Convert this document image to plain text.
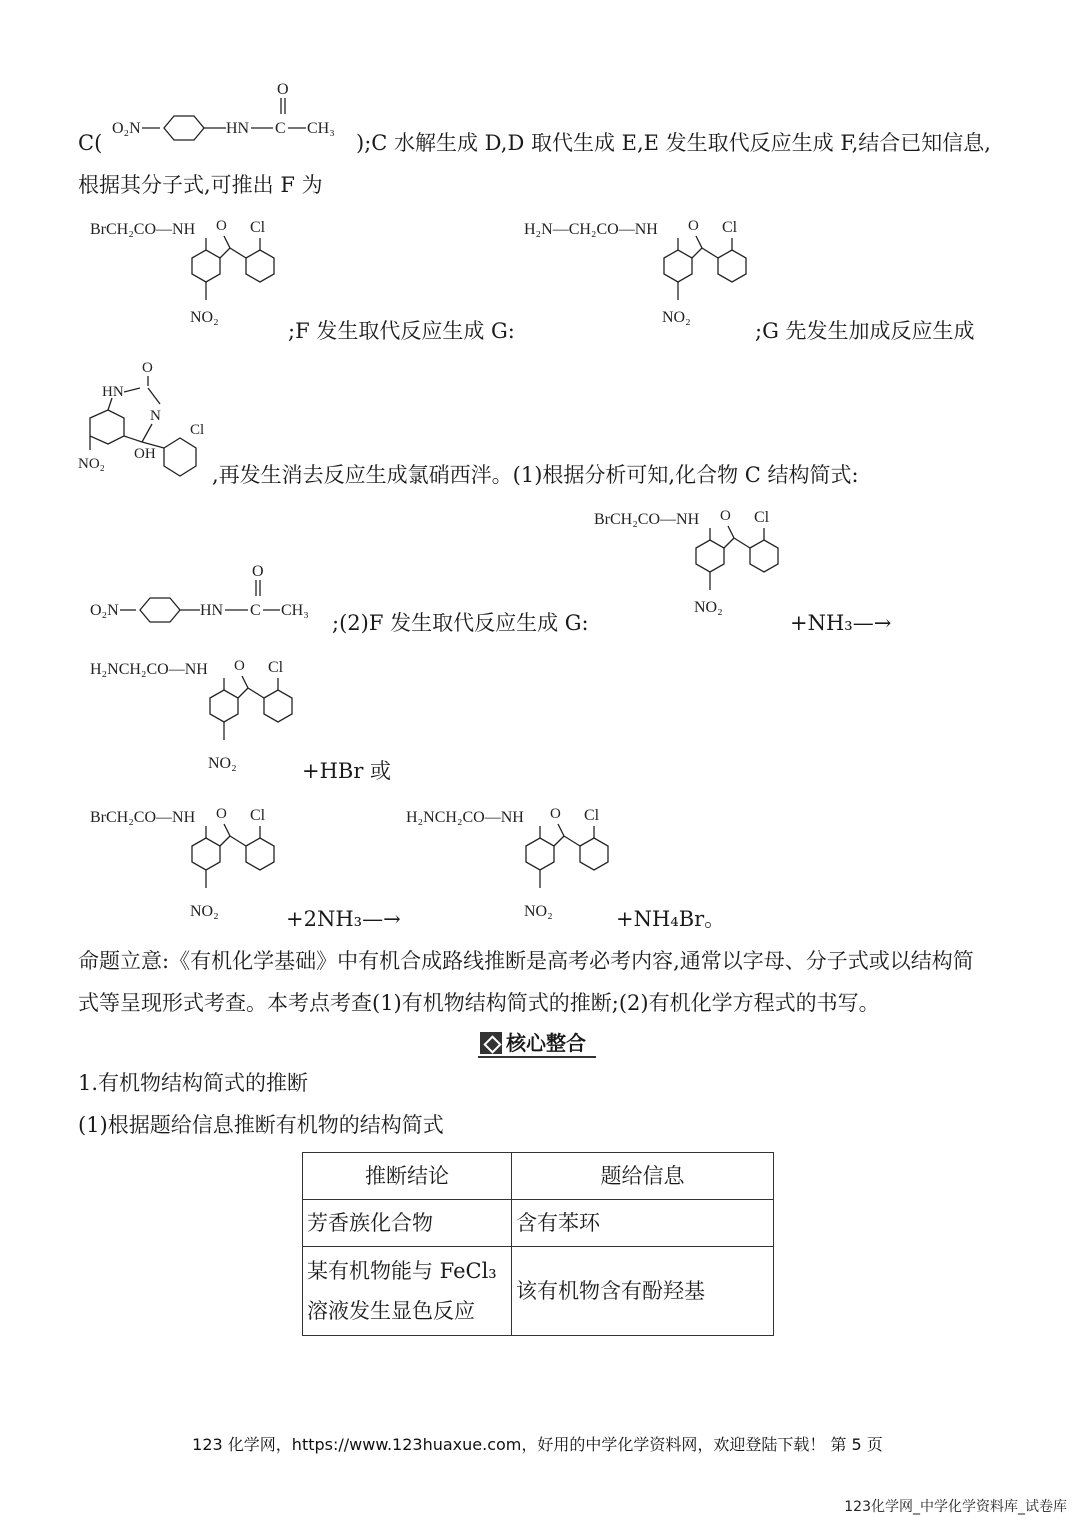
C(
O₂N	HN C
O
CH₃
);C 水解生成 D,D 取代生成 E,E 发生取代反应生成 F,结合已知信息,
根据其分子式,可推出 F 为
BrCH₂CO—NH O Cl
NO₂
;F 发生取代反应生成 G:
H₂N—CH₂CO—NH O Cl
NO₂
;G 先发生加成反应生成
O
HN
N
OH
Cl
NO₂	,再发生消去反应生成氯硝西泮。(1)根据分析可知,化合物 C 结构简式:
O₂N	HN C
O
CH₃
;(2)F 发生取代反应生成 G:
BrCH₂CO—NH O Cl
NO₂
+NH₃—→
H₂NCH₂CO—NH O Cl
NO₂	+HBr 或
BrCH₂CO—NH O Cl
NO₂	+2NH₃—→
H₂NCH₂CO—NH O Cl
NO₂	+NH₄Br。
命题立意:《有机化学基础》中有机合成路线推断是高考必考内容,通常以字母、分子式或以结构简
式等呈现形式考查。本考点考查(1)有机物结构简式的推断;(2)有机化学方程式的书写。
核心整合
1.有机物结构简式的推断
(1)根据题给信息推断有机物的结构简式
推断结论	题给信息
芳香族化合物	含有苯环
某有机物能与 FeCl₃溶液发生显色反应	该有机物含有酚羟基
123 化学网，https://www.123huaxue.com，好用的中学化学资料网，欢迎登陆下载！ 第 5 页
123化学网_中学化学资料库_试卷库
